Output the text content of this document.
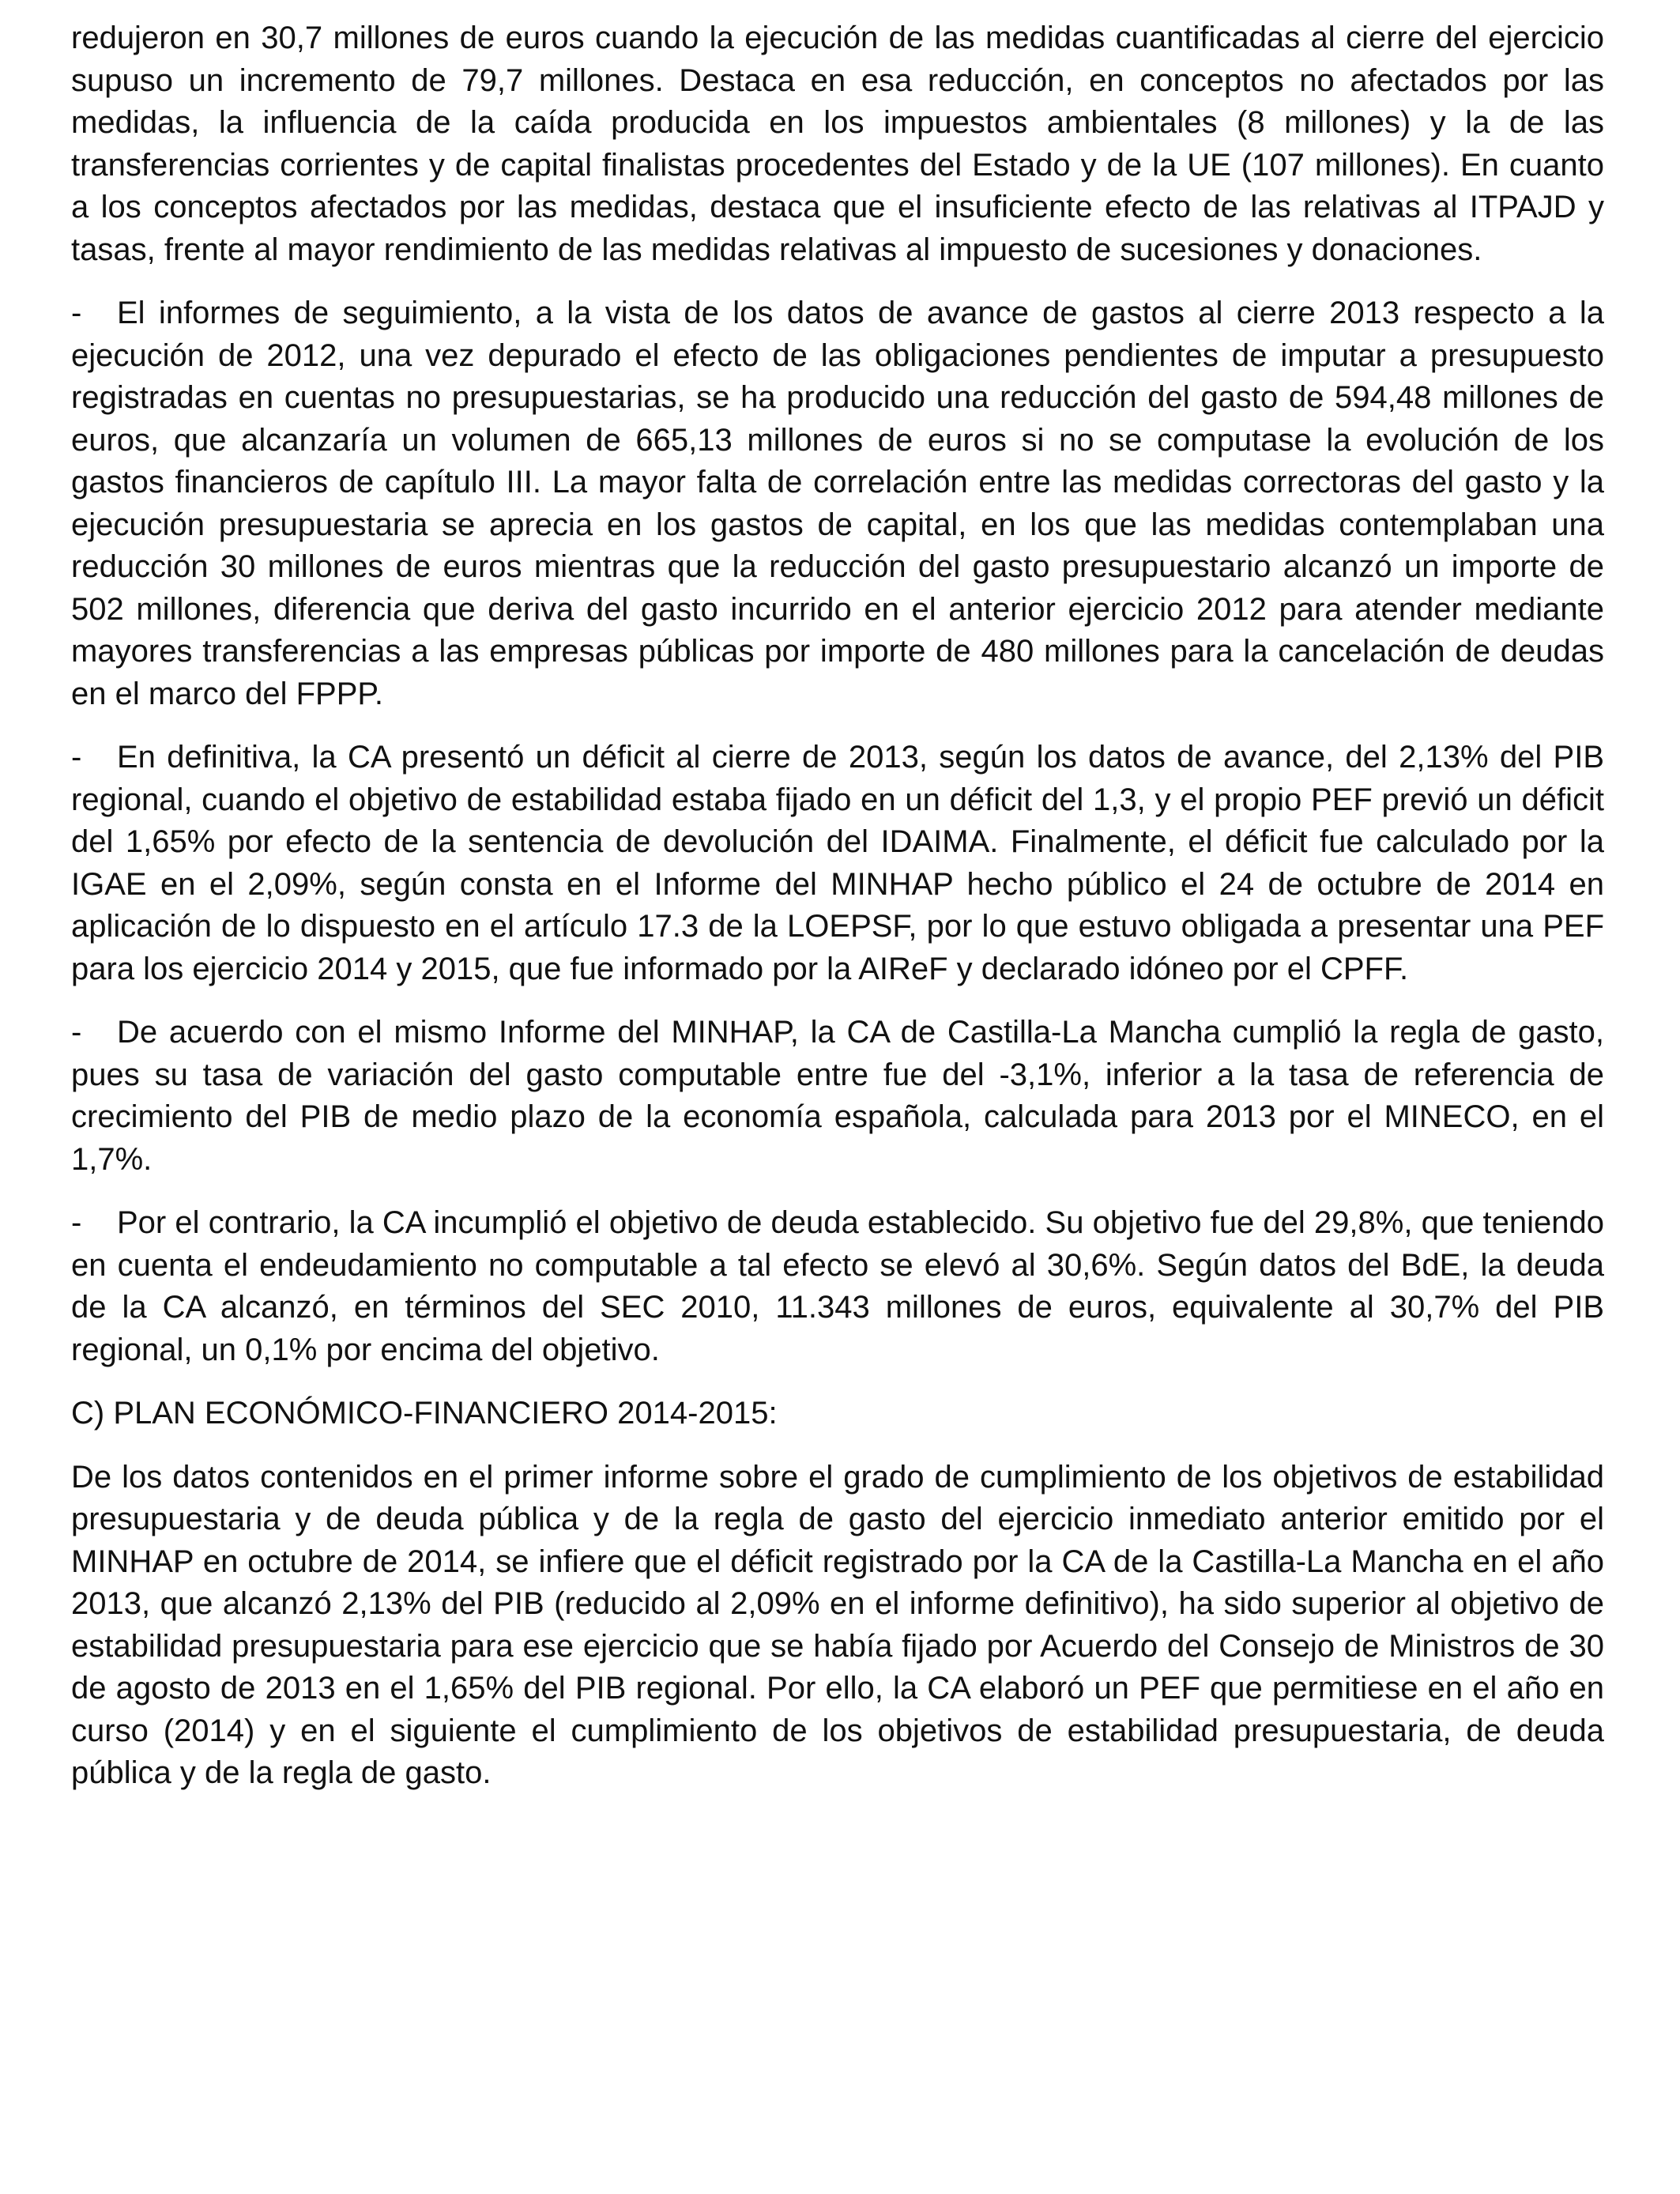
redujeron en 30,7 millones de euros cuando la ejecución de las medidas cuantificadas al cierre del ejercicio supuso un incremento de 79,7 millones. Destaca en esa reducción, en conceptos no afectados por las medidas, la influencia de la caída producida en los impuestos ambientales (8 millones) y la de las transferencias corrientes y de capital finalistas procedentes del Estado y de la UE (107 millones). En cuanto a los conceptos afectados por las medidas, destaca que el insuficiente efecto de las relativas al ITPAJD y tasas, frente al mayor rendimiento de las medidas relativas al impuesto de sucesiones y donaciones.

- El informes de seguimiento, a la vista de los datos de avance de gastos al cierre 2013 respecto a la ejecución de 2012, una vez depurado el efecto de las obligaciones pendientes de imputar a presupuesto registradas en cuentas no presupuestarias, se ha producido una reducción del gasto de 594,48 millones de euros, que alcanzaría un volumen de 665,13 millones de euros si no se computase la evolución de los gastos financieros de capítulo III. La mayor falta de correlación entre las medidas correctoras del gasto y la ejecución presupuestaria se aprecia en los gastos de capital, en los que las medidas contemplaban una reducción 30 millones de euros mientras que la reducción del gasto presupuestario alcanzó un importe de 502 millones, diferencia que deriva del gasto incurrido en el anterior ejercicio 2012 para atender mediante mayores transferencias a las empresas públicas por importe de 480 millones para la cancelación de deudas en el marco del FPPP.

- En definitiva, la CA presentó un déficit al cierre de 2013, según los datos de avance, del 2,13% del PIB regional, cuando el objetivo de estabilidad estaba fijado en un déficit del 1,3, y el propio PEF previó un déficit del 1,65% por efecto de la sentencia de devolución del IDAIMA. Finalmente, el déficit fue calculado por la IGAE en el 2,09%, según consta en el Informe del MINHAP hecho público el 24 de octubre de 2014 en aplicación de lo dispuesto en el artículo 17.3 de la LOEPSF, por lo que estuvo obligada a presentar una PEF para los ejercicio 2014 y 2015, que fue informado por la AIReF y declarado idóneo por el CPFF.

- De acuerdo con el mismo Informe del MINHAP, la CA de Castilla-La Mancha cumplió la regla de gasto, pues su tasa de variación del gasto computable entre fue del -3,1%, inferior a la tasa de referencia de crecimiento del PIB de medio plazo de la economía española, calculada para 2013 por el MINECO, en el 1,7%.

- Por el contrario, la CA incumplió el objetivo de deuda establecido. Su objetivo fue del 29,8%, que teniendo en cuenta el endeudamiento no computable a tal efecto se elevó al 30,6%. Según datos del BdE, la deuda de la CA alcanzó, en términos del SEC 2010, 11.343 millones de euros, equivalente al 30,7% del PIB regional, un 0,1% por encima del objetivo.

C) PLAN ECONÓMICO-FINANCIERO 2014-2015:

De los datos contenidos en el primer informe sobre el grado de cumplimiento de los objetivos de estabilidad presupuestaria y de deuda pública y de la regla de gasto del ejercicio inmediato anterior emitido por el MINHAP en octubre de 2014, se infiere que el déficit registrado por la CA de la Castilla-La Mancha en el año 2013, que alcanzó 2,13% del PIB (reducido al 2,09% en el informe definitivo), ha sido superior al objetivo de estabilidad presupuestaria para ese ejercicio que se había fijado por Acuerdo del Consejo de Ministros de 30 de agosto de 2013 en el 1,65% del PIB regional. Por ello, la CA elaboró un PEF que permitiese en el año en curso (2014) y en el siguiente el cumplimiento de los objetivos de estabilidad presupuestaria, de deuda pública y de la regla de gasto.
